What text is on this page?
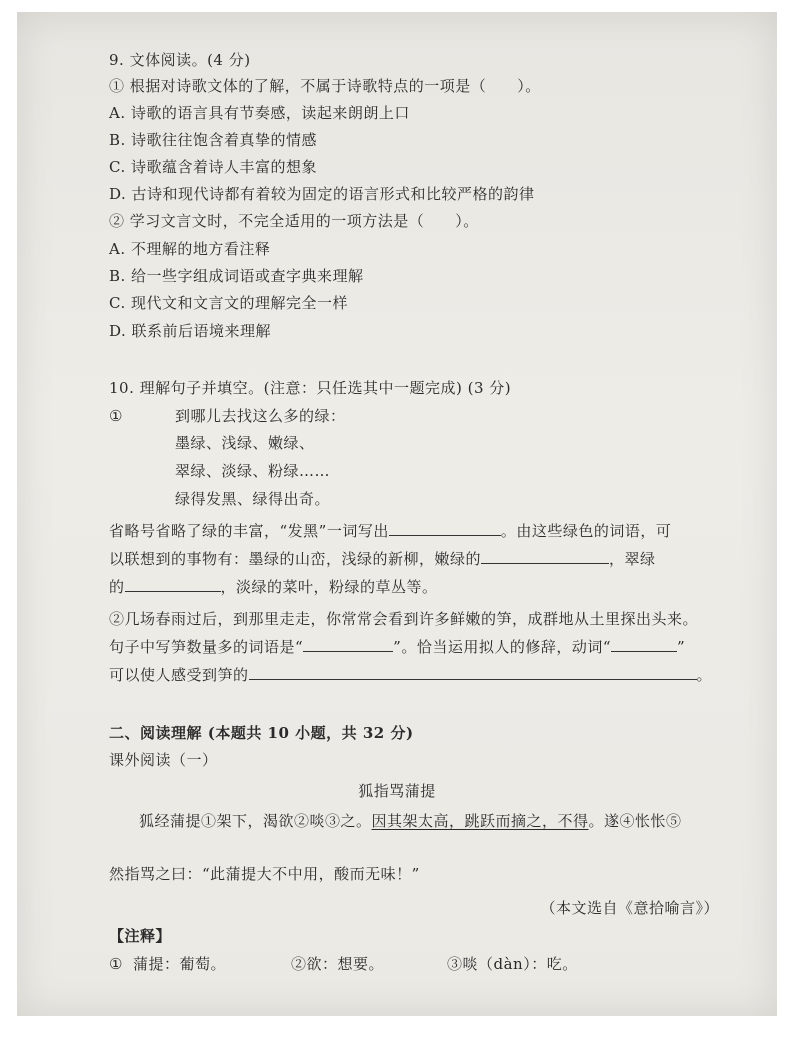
9. 文体阅读。(4 分)
① 根据对诗歌文体的了解，不属于诗歌特点的一项是（　　）。
A. 诗歌的语言具有节奏感，读起来朗朗上口
B. 诗歌往往饱含着真挚的情感
C. 诗歌蕴含着诗人丰富的想象
D. 古诗和现代诗都有着较为固定的语言形式和比较严格的韵律
② 学习文言文时，不完全适用的一项方法是（　　）。
A. 不理解的地方看注释
B. 给一些字组成词语或查字典来理解
C. 现代文和文言文的理解完全一样
D. 联系前后语境来理解
10. 理解句子并填空。(注意：只任选其中一题完成) (3 分)
①	到哪儿去找这么多的绿：
墨绿、浅绿、嫩绿、
翠绿、淡绿、粉绿……
绿得发黑、绿得出奇。
省略号省略了绿的丰富，“发黑”一词写出	。由这些绿色的词语，可
以联想到的事物有：墨绿的山峦，浅绿的新柳，嫩绿的	，翠绿
的	，淡绿的菜叶，粉绿的草丛等。
②几场春雨过后，到那里走走，你常常会看到许多鲜嫩的笋，成群地从土里探出头来。
句子中写笋数量多的词语是“	”。恰当运用拟人的修辞，动词“	”
可以使人感受到笋的	。
二、阅读理解 (本题共 10 小题，共 32 分)
课外阅读（一）
狐指骂蒲提
狐经蒲提①架下，渴欲②啖③之。因其架太高，跳跃而摘之，不得。遂④怅怅⑤
然指骂之曰：“此蒲提大不中用，酸而无味！”
（本文选自《意拾喻言》）
【注释】
① 蒲提：葡萄。	②欲：想要。	③啖（dàn）：吃。
